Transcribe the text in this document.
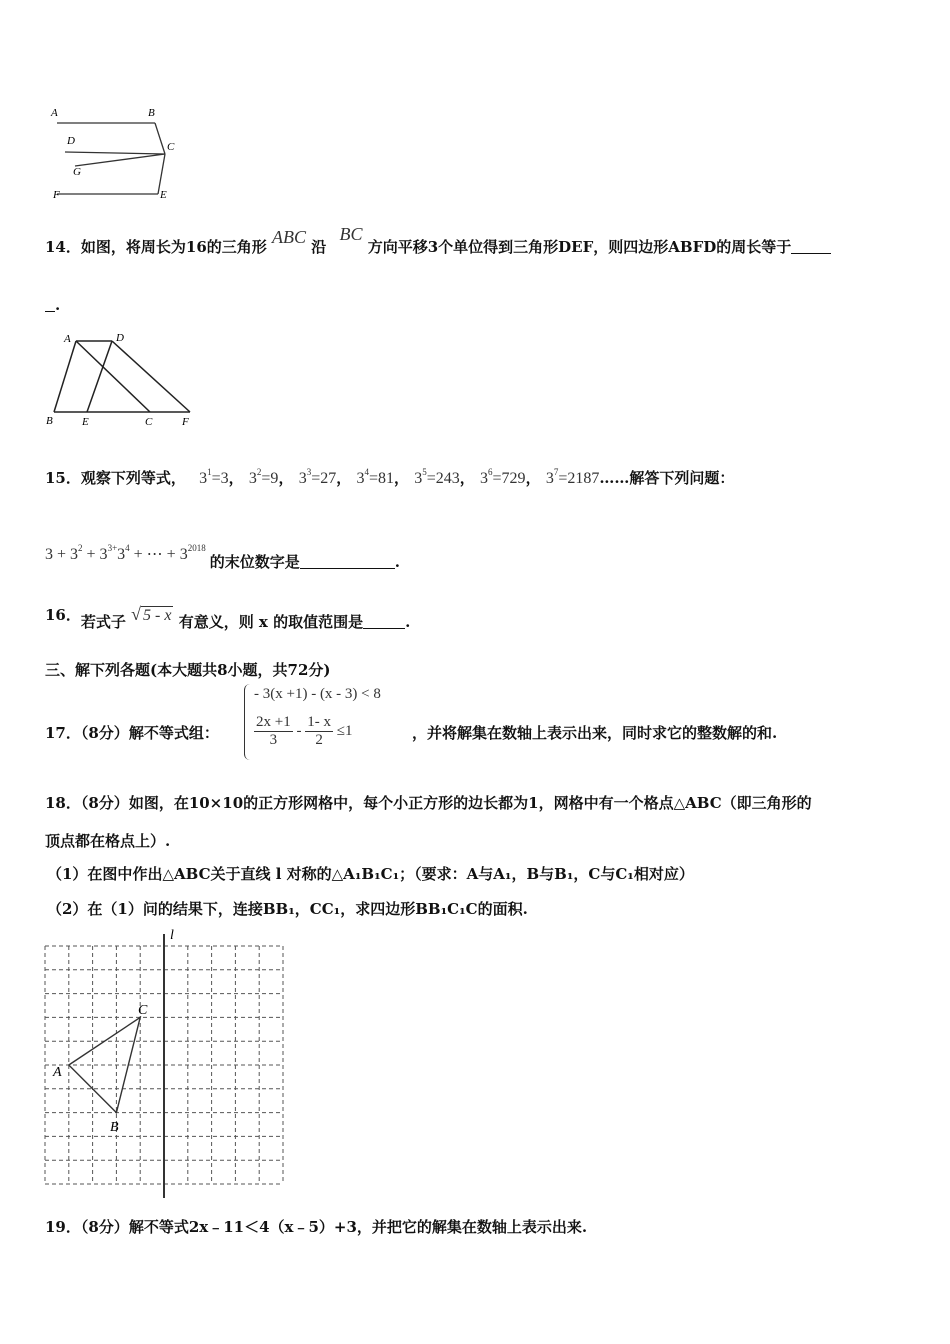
A	B
D	C
G
F	E
14．如图，将周长为16的三角形 ABC 沿 BC 方向平移3个单位得到三角形DEF，则四边形ABFD的周长等于
.
A	D
B	E	C	F
15．观察下列等式， $3^1=3$， $3^2=9$， $3^3=27$， $3^4=81$， $3^5=243$， $3^6=729$， $3^7=2187\dots\dots$解答下列问题：
$3 + 3^2 + 3^{3+}3^4$ + ⋯ + $3^{2018}$ 的末位数字是	.
16．若式子 √ 5 - x 有意义，则 x 的取值范围是	.
三、解下列各题(本大题共8小题，共72分)
- 3(x +1) - (x - 3) < 8
$\frac{2x +1}{3} - \frac{1- x}{2} \le 1$
17．（8分）解不等式组：	，并将解集在数轴上表示出来，同时求它的整数解的和.
18．（8分）如图，在10×10的正方形网格中，每个小正方形的边长都为1，网格中有一个格点△ABC（即三角形的
顶点都在格点上）.
（1）在图中作出△ABC关于直线 l 对称的△A₁B₁C₁；（要求：A与A₁，B与B₁，C与C₁相对应）
（2）在（1）问的结果下，连接BB₁，CC₁，求四边形BB₁C₁C的面积.
l
A
B
C
19．（8分）解不等式2x﹣11＜4（x﹣5）+3，并把它的解集在数轴上表示出来.
